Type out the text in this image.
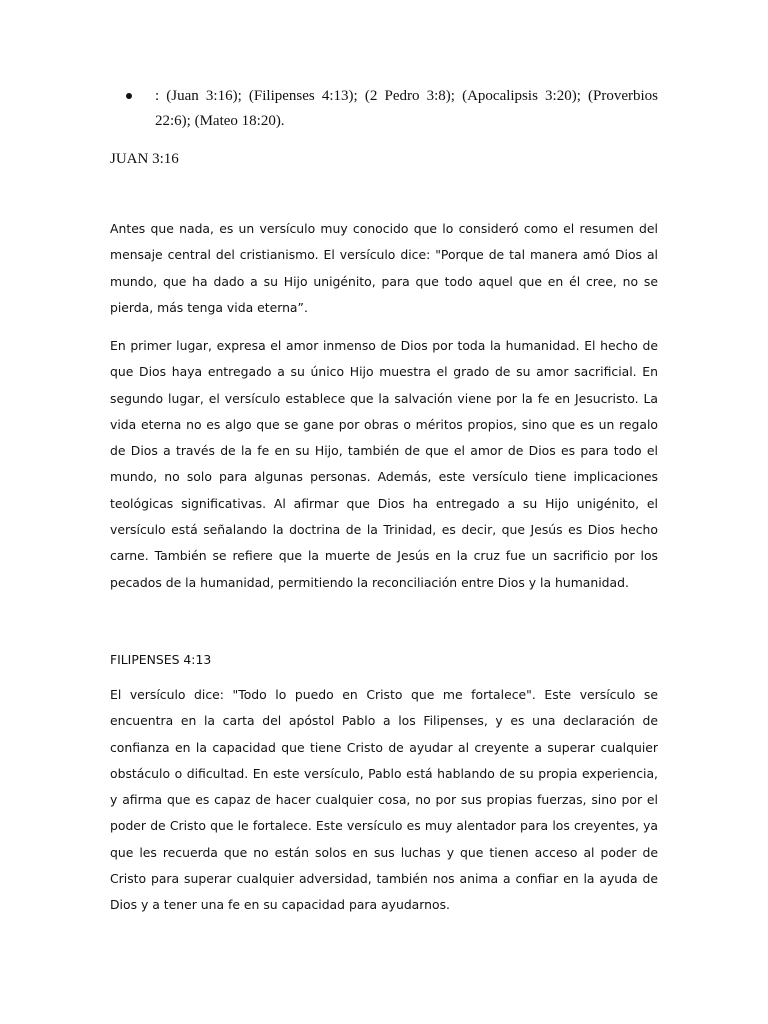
: (Juan 3:16); (Filipenses 4:13); (2 Pedro 3:8); (Apocalipsis 3:20); (Proverbios 22:6); (Mateo 18:20).
JUAN 3:16

Antes que nada, es un versículo muy conocido que lo consideró como el resumen del mensaje central del cristianismo. El versículo dice: "Porque de tal manera amó Dios al mundo, que ha dado a su Hijo unigénito, para que todo aquel que en él cree, no se pierda, más tenga vida eterna”.

En primer lugar, expresa el amor inmenso de Dios por toda la humanidad. El hecho de que Dios haya entregado a su único Hijo muestra el grado de su amor sacrificial. En segundo lugar, el versículo establece que la salvación viene por la fe en Jesucristo. La vida eterna no es algo que se gane por obras o méritos propios, sino que es un regalo de Dios a través de la fe en su Hijo, también de que el amor de Dios es para todo el mundo, no solo para algunas personas. Además, este versículo tiene implicaciones teológicas significativas. Al afirmar que Dios ha entregado a su Hijo unigénito, el versículo está señalando la doctrina de la Trinidad, es decir, que Jesús es Dios hecho carne. También se refiere que la muerte de Jesús en la cruz fue un sacrificio por los pecados de la humanidad, permitiendo la reconciliación entre Dios y la humanidad.

FILIPENSES 4:13

El versículo dice: "Todo lo puedo en Cristo que me fortalece". Este versículo se encuentra en la carta del apóstol Pablo a los Filipenses, y es una declaración de confianza en la capacidad que tiene Cristo de ayudar al creyente a superar cualquier obstáculo o dificultad. En este versículo, Pablo está hablando de su propia experiencia, y afirma que es capaz de hacer cualquier cosa, no por sus propias fuerzas, sino por el poder de Cristo que le fortalece. Este versículo es muy alentador para los creyentes, ya que les recuerda que no están solos en sus luchas y que tienen acceso al poder de Cristo para superar cualquier adversidad, también nos anima a confiar en la ayuda de Dios y a tener una fe en su capacidad para ayudarnos.
